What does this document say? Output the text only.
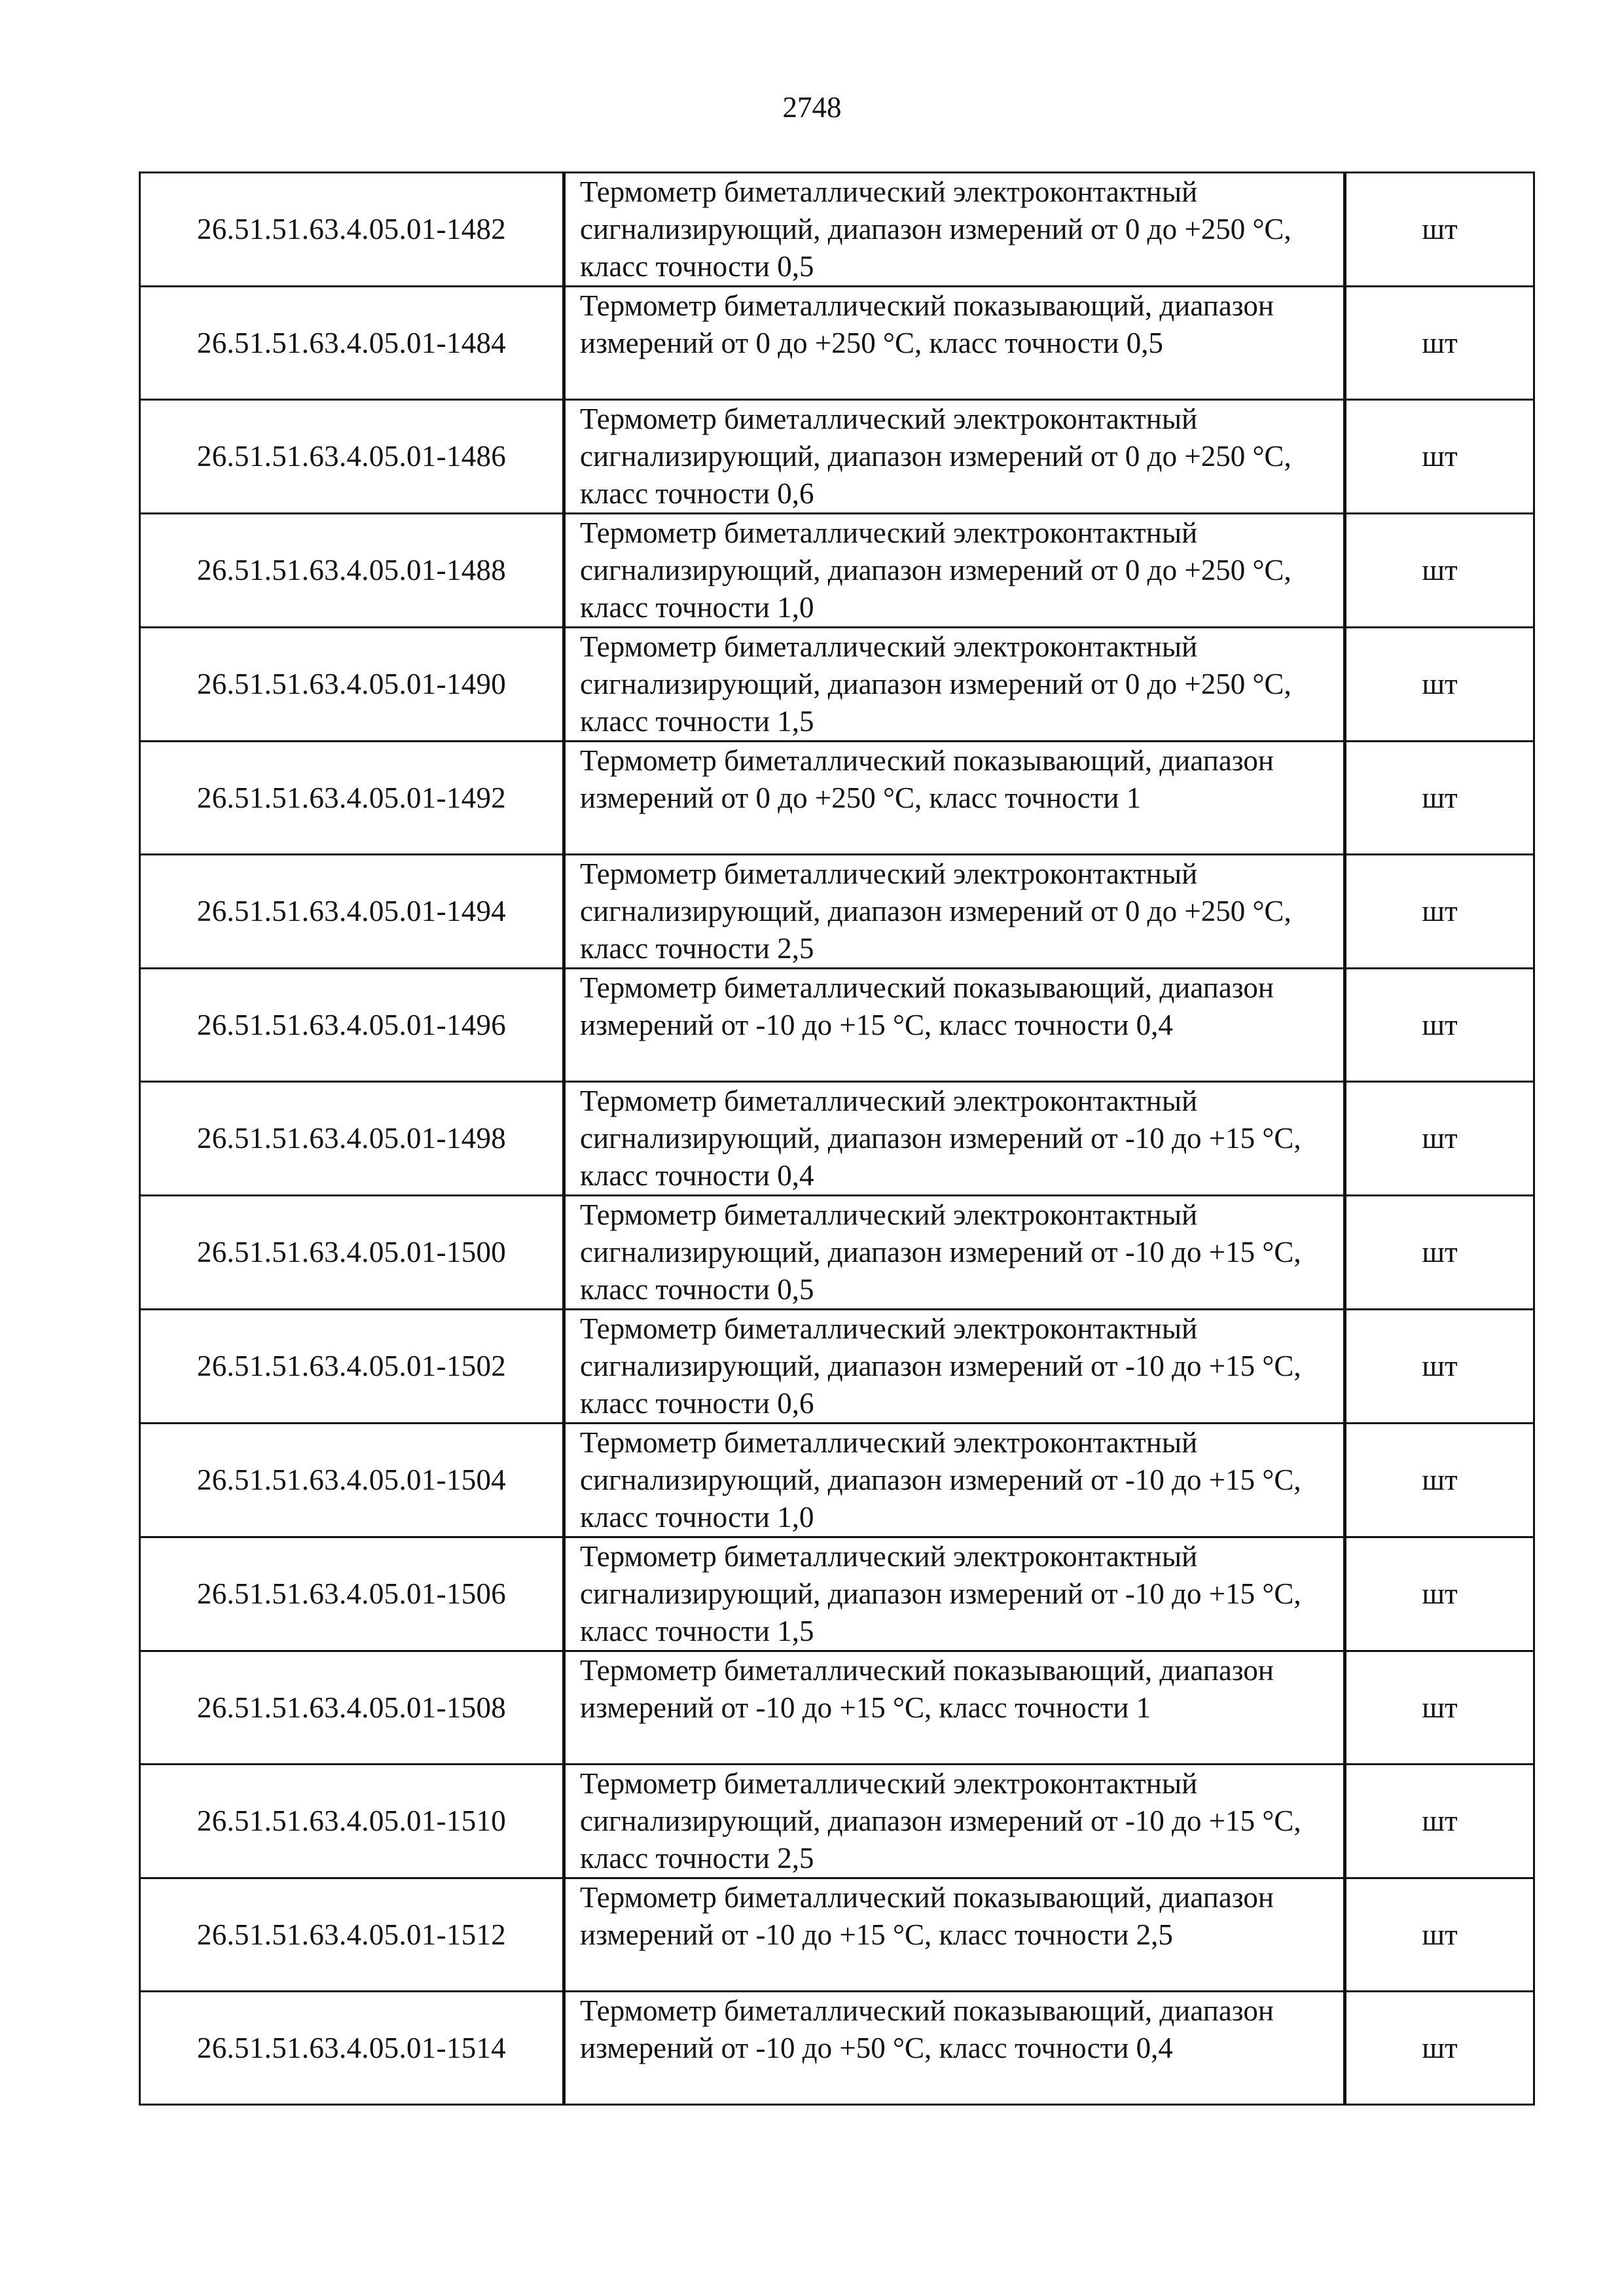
2748
26.51.51.63.4.05.01-1482	Термометр биметаллический электроконтактный сигнализирующий, диапазон измерений от 0 до +250 °С, класс точности 0,5	шт
26.51.51.63.4.05.01-1484	Термометр биметаллический показывающий, диапазон измерений от 0 до +250 °С, класс точности 0,5	шт
26.51.51.63.4.05.01-1486	Термометр биметаллический электроконтактный сигнализирующий, диапазон измерений от 0 до +250 °С, класс точности 0,6	шт
26.51.51.63.4.05.01-1488	Термометр биметаллический электроконтактный сигнализирующий, диапазон измерений от 0 до +250 °С, класс точности 1,0	шт
26.51.51.63.4.05.01-1490	Термометр биметаллический электроконтактный сигнализирующий, диапазон измерений от 0 до +250 °С, класс точности 1,5	шт
26.51.51.63.4.05.01-1492	Термометр биметаллический показывающий, диапазон измерений от 0 до +250 °С, класс точности 1	шт
26.51.51.63.4.05.01-1494	Термометр биметаллический электроконтактный сигнализирующий, диапазон измерений от 0 до +250 °С, класс точности 2,5	шт
26.51.51.63.4.05.01-1496	Термометр биметаллический показывающий, диапазон измерений от -10 до +15 °С, класс точности 0,4	шт
26.51.51.63.4.05.01-1498	Термометр биметаллический электроконтактный сигнализирующий, диапазон измерений от -10 до +15 °С, класс точности 0,4	шт
26.51.51.63.4.05.01-1500	Термометр биметаллический электроконтактный сигнализирующий, диапазон измерений от -10 до +15 °С, класс точности 0,5	шт
26.51.51.63.4.05.01-1502	Термометр биметаллический электроконтактный сигнализирующий, диапазон измерений от -10 до +15 °С, класс точности 0,6	шт
26.51.51.63.4.05.01-1504	Термометр биметаллический электроконтактный сигнализирующий, диапазон измерений от -10 до +15 °С, класс точности 1,0	шт
26.51.51.63.4.05.01-1506	Термометр биметаллический электроконтактный сигнализирующий, диапазон измерений от -10 до +15 °С, класс точности 1,5	шт
26.51.51.63.4.05.01-1508	Термометр биметаллический показывающий, диапазон измерений от -10 до +15 °С, класс точности 1	шт
26.51.51.63.4.05.01-1510	Термометр биметаллический электроконтактный сигнализирующий, диапазон измерений от -10 до +15 °С, класс точности 2,5	шт
26.51.51.63.4.05.01-1512	Термометр биметаллический показывающий, диапазон измерений от -10 до +15 °С, класс точности 2,5	шт
26.51.51.63.4.05.01-1514	Термометр биметаллический показывающий, диапазон измерений от -10 до +50 °С, класс точности 0,4	шт
